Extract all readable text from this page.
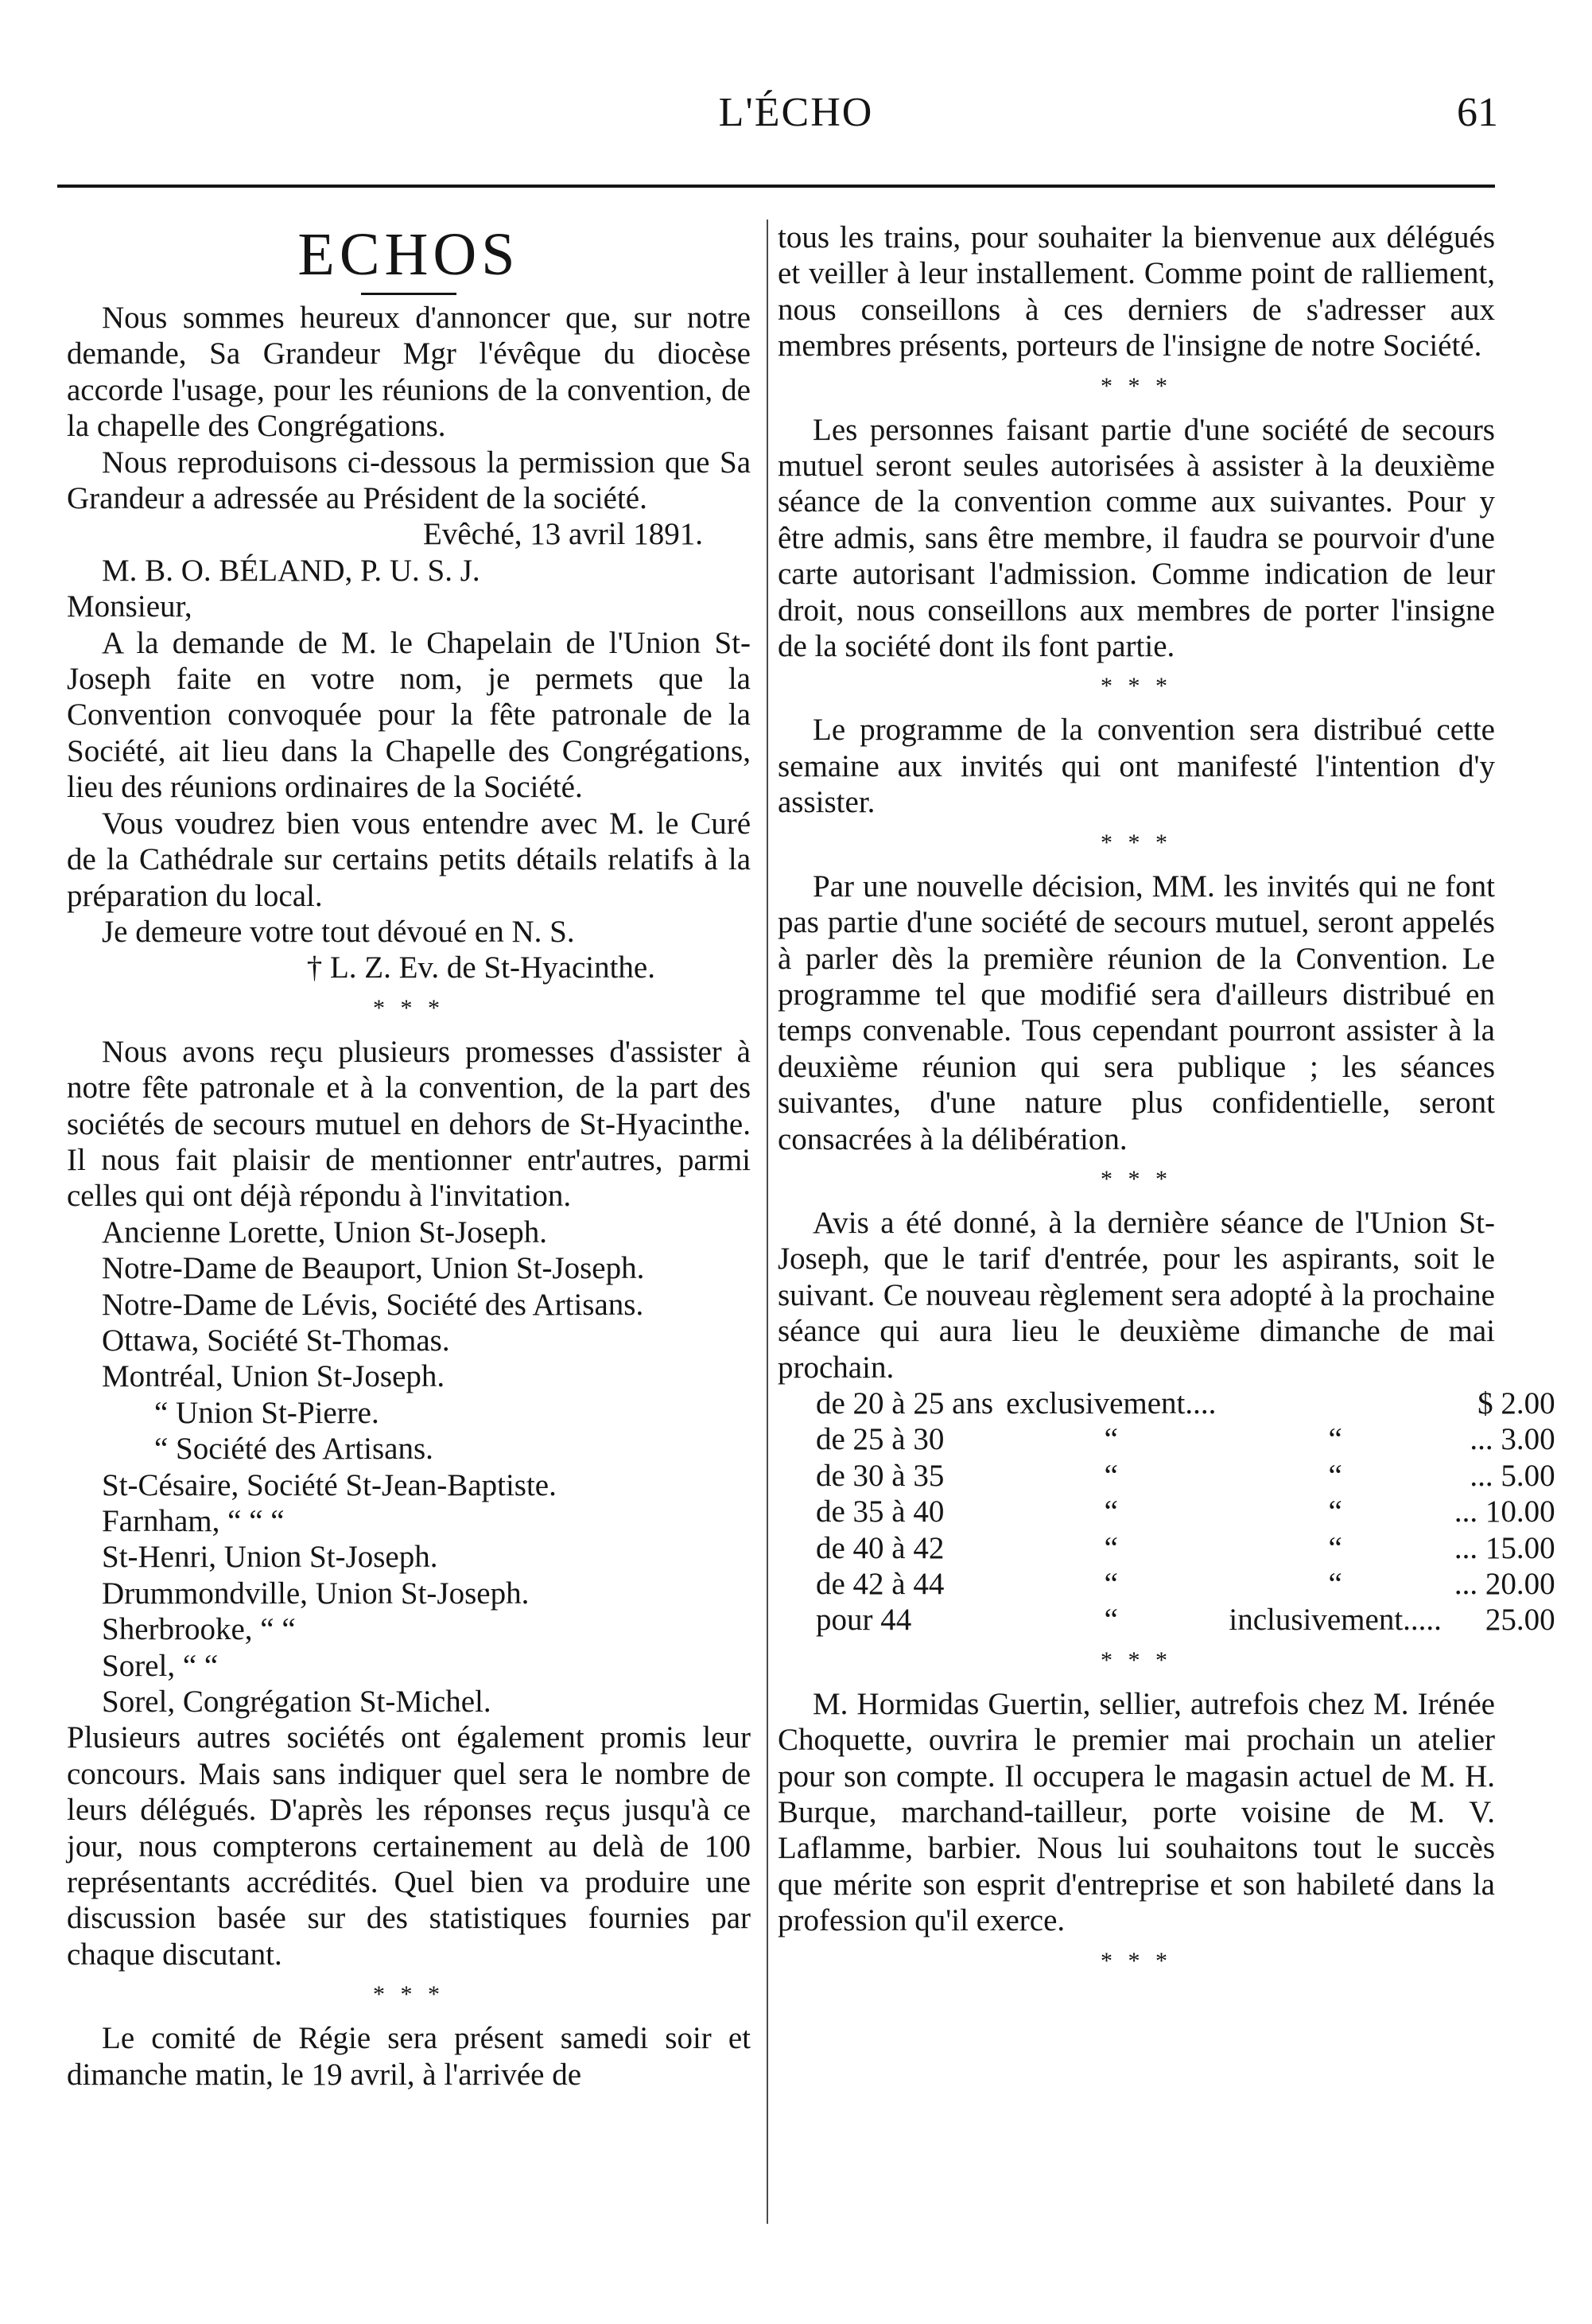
L'ÉCHO	61
ECHOS

Nous sommes heureux d'annoncer que, sur notre demande, Sa Grandeur Mgr l'évêque du diocèse accorde l'usage, pour les réunions de la convention, de la chapelle des Congrégations.

Nous reproduisons ci-dessous la permission que Sa Grandeur a adressée au Président de la société.

Evêché, 13 avril 1891.

M. B. O. BÉLAND, P. U. S. J.

Monsieur,

A la demande de M. le Chapelain de l'Union St-Joseph faite en votre nom, je permets que la Convention convoquée pour la fête patronale de la Société, ait lieu dans la Chapelle des Congrégations, lieu des réunions ordinaires de la Société.

Vous voudrez bien vous entendre avec M. le Curé de la Cathédrale sur certains petits détails relatifs à la préparation du local.

Je demeure votre tout dévoué en N. S.

† L. Z. Ev. de St-Hyacinthe.

* * *

Nous avons reçu plusieurs promesses d'assister à notre fête patronale et à la convention, de la part des sociétés de secours mutuel en dehors de St-Hyacinthe. Il nous fait plaisir de mentionner entr'autres, parmi celles qui ont déjà répondu à l'invitation.

Ancienne Lorette, Union St-Joseph.
Notre-Dame de Beauport, Union St-Joseph.
Notre-Dame de Lévis, Société des Artisans.
Ottawa, Société St-Thomas.
Montréal, Union St-Joseph.
“ Union St-Pierre.
“ Société des Artisans.
St-Césaire, Société St-Jean-Baptiste.
Farnham, “ “ “
St-Henri, Union St-Joseph.
Drummondville, Union St-Joseph.
Sherbrooke, “ “
Sorel, “ “
Sorel, Congrégation St-Michel.

Plusieurs autres sociétés ont également promis leur concours. Mais sans indiquer quel sera le nombre de leurs délégués. D'après les réponses reçus jusqu'à ce jour, nous compterons certainement au delà de 100 représentants accrédités. Quel bien va produire une discussion basée sur des statistiques fournies par chaque discutant.

* * *

Le comité de Régie sera présent samedi soir et dimanche matin, le 19 avril, à l'arrivée de

tous les trains, pour souhaiter la bienvenue aux délégués et veiller à leur installement. Comme point de ralliement, nous conseillons à ces derniers de s'adresser aux membres présents, porteurs de l'insigne de notre Société.

* * *

Les personnes faisant partie d'une société de secours mutuel seront seules autorisées à assister à la deuxième séance de la convention comme aux suivantes. Pour y être admis, sans être membre, il faudra se pourvoir d'une carte autorisant l'admission. Comme indication de leur droit, nous conseillons aux membres de porter l'insigne de la société dont ils font partie.

* * *

Le programme de la convention sera distribué cette semaine aux invités qui ont manifesté l'intention d'y assister.

* * *

Par une nouvelle décision, MM. les invités qui ne font pas partie d'une société de secours mutuel, seront appelés à parler dès la première réunion de la Convention. Le programme tel que modifié sera d'ailleurs distribué en temps convenable. Tous cependant pourront assister à la deuxième réunion qui sera publique ; les séances suivantes, d'une nature plus confidentielle, seront consacrées à la délibération.

* * *

Avis a été donné, à la dernière séance de l'Union St-Joseph, que le tarif d'entrée, pour les aspirants, soit le suivant. Ce nouveau règlement sera adopté à la prochaine séance qui aura lieu le deuxième dimanche de mai prochain.

de 20 à 25 ans	exclusivement....		$ 2.00
de 25 à 30	“	“	... 3.00
de 30 à 35	“	“	... 5.00
de 35 à 40	“	“	... 10.00
de 40 à 42	“	“	... 15.00
de 42 à 44	“	“	... 20.00
pour 44	“	inclusivement.....	25.00
* * *

M. Hormidas Guertin, sellier, autrefois chez M. Irénée Choquette, ouvrira le premier mai prochain un atelier pour son compte. Il occupera le magasin actuel de M. H. Burque, marchand-tailleur, porte voisine de M. V. Laflamme, barbier. Nous lui souhaitons tout le succès que mérite son esprit d'entreprise et son habileté dans la profession qu'il exerce.

* * *
